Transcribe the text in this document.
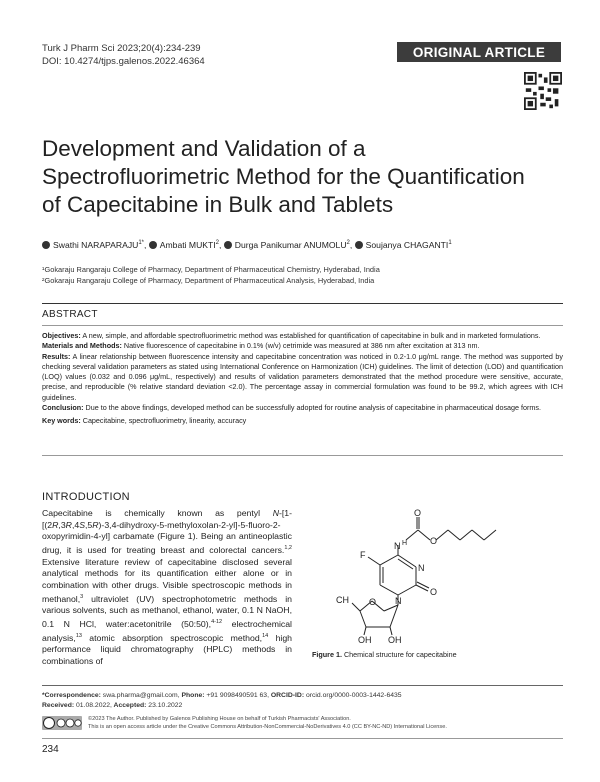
Turk J Pharm Sci 2023;20(4):234-239
DOI: 10.4274/tjps.galenos.2022.46364
ORIGINAL ARTICLE
Development and Validation of a
Spectrofluorimetric Method for the Quantification
of Capecitabine in Bulk and Tablets
Swathi $NARAPARAJU^{1*}$, Ambati MUKTI$^2$, Durga Panikumar ANUMOLU$^2$, Soujanya CHAGANTI$^1$
¹Gokaraju Rangaraju College of Pharmacy, Department of Pharmaceutical Chemistry, Hyderabad, India
²Gokaraju Rangaraju College of Pharmacy, Department of Pharmaceutical Analysis, Hyderabad, India
ABSTRACT

Objectives: A new, simple, and affordable spectrofluorimetric method was established for quantification of capecitabine in bulk and in marketed formulations.

Materials and Methods: Native fluorescence of capecitabine in 0.1% (w/v) cetrimide was measured at 386 nm after excitation at 313 nm.

Results: A linear relationship between fluorescence intensity and capecitabine concentration was noticed in 0.2-1.0 μg/mL range. The method was supported by checking several validation parameters as stated using International Conference on Harmonization (ICH) guidelines. The limit of detection (LOD) and quantification (LOQ) values (0.032 and 0.096 μg/mL, respectively) and results of validation parameters demonstrated that the method procedure were sensitive, accurate, precise, and reproducible (% relative standard deviation <2.0). The percentage assay in commercial formulation was found to be 99.2, which agrees with ICH guidelines.

Conclusion: Due to the above findings, developed method can be successfully adopted for routine analysis of capecitabine in pharmaceutical dosage forms.

Key words: Capecitabine, spectrofluorimetry, linearity, accuracy

INTRODUCTION
Capecitabine is chemically known as pentyl N-[1-[(2R,3R,4S,5R)-3,4-dihydroxy-5-methyloxolan-2-yl]-5-fluoro-2-oxopyrimidin-4-yl] carbamate (Figure 1). Being an antineoplastic drug, it is used for treating breast and colorectal cancers.$^{1,2}$ Extensive literature review of capecitabine disclosed several analytical methods for its quantification either alone or in combination with other drugs. Visible spectroscopic methods in methanol,$^3$ ultraviolet (UV) spectrophotometric methods in various solvents, such as methanol, ethanol, water, 0.1 N NaOH, 0.1 N HCl, water:acetonitrile (50:50),$^{4-12}$ electrochemical analysis,$^{13}$ atomic absorption spectroscopic method,$^{14}$ high performance liquid chromatography (HPLC) methods in combinations of
N H
O
O
F
N
O
N
O
CH
OH OH
Figure 1. Chemical structure for capecitabine
*Correspondence: swa.pharma@gmail.com, Phone: +91 9098490591 63, ORCID-ID: orcid.org/0000-0003-1442-6435
Received: 01.08.2022, Accepted: 23.10.2022
©2023 The Author. Published by Galenos Publishing House on behalf of Turkish Pharmacists' Association.
This is an open access article under the Creative Commons Attribution-NonCommercial-NoDerivatives 4.0 (CC BY-NC-ND) International License.
234
